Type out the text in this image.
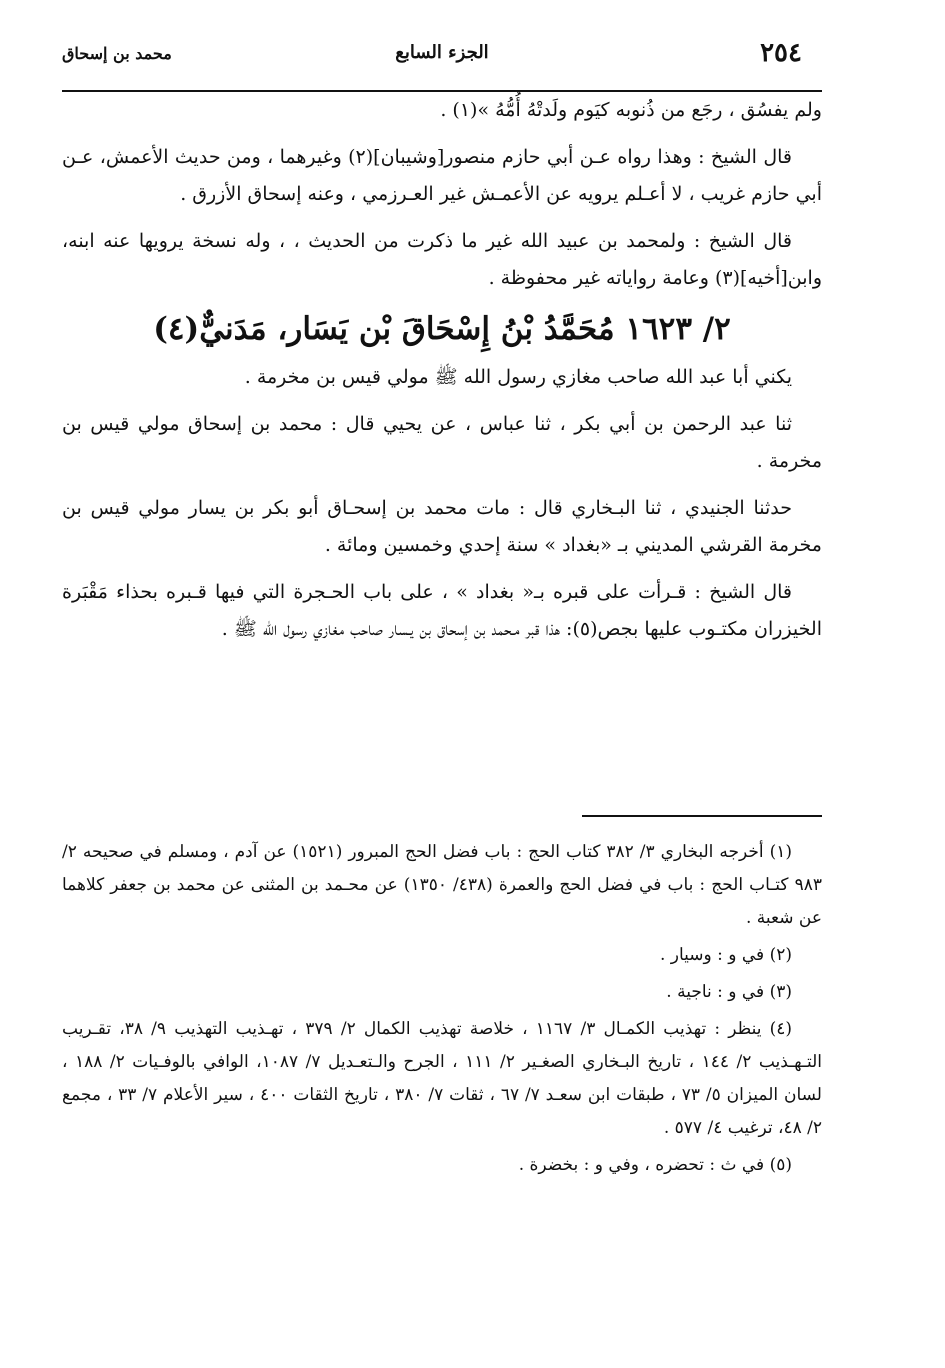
٢٥٤
الجزء السابع
محمد بن إسحاق

ولم يفسُق ، رجَع من ذُنوبه كيَوم ولَدتْهُ أُمُّهُ »(١) .

قال الشيخ : وهذا رواه عـن أبي حازم منصور[وشيبان](٢) وغيرهما ، ومن حديث الأعمش، عـن أبي حازم غريب ، لا أعـلم يرويه عن الأعمـش غير العـرزمي ، وعنه إسحاق الأزرق .

قال الشيخ : ولمحمد بن عبيد الله غير ما ذكرت من الحديث ، ، وله نسخة يرويها عنه ابنه، وابن[أخيه](٣) وعامة رواياته غير محفوظة .

٢/ ١٦٢٣ مُحَمَّدُ بْنُ إِسْحَاقَ بْن يَسَار، مَدَنيٌّ(٤)

يكني أبا عبد الله صاحب مغازي رسول الله ﷺ مولي قيس بن مخرمة .

ثنا عبد الرحمن بن أبي بكر ، ثنا عباس ، عن يحيي قال : محمد بن إسحاق مولي قيس بن مخرمة .

حدثنا الجنيدي ، ثنا البـخاري قال : مات محمد بن إسحـاق أبو بكر بن يسار مولي قيس بن مخرمة القرشي المديني بـ «بغداد » سنة إحدي وخمسين ومائة .

قال الشيخ : قـرأت على قبره بـ« بغداد » ، على باب الحـجرة التي فيها قـبره بحذاء مَقْبَرة الخيزران مكتـوب عليها بجص(٥): هذا قبر مـحمد بن إسحاق بن يـسار صاحب مغازي رسول الله ﷺ .

(١) أخرجه البخاري ٣/ ٣٨٢ كتاب الحج : باب فضل الحج المبرور (١٥٢١) عن آدم ، ومسلم في صحيحه ٢/ ٩٨٣ كتـاب الحج : باب في فضل الحج والعمرة (٤٣٨/ ١٣٥٠) عن محـمد بن المثنى عن محمد بن جعفر كلاهما عن شعبة .

(٢) في و : وسيار .

(٣) في و : ناجية .

(٤) ينظر : تهذيب الكمـال ٣/ ١١٦٧ ، خلاصة تهذيب الكمال ٢/ ٣٧٩ ، تهـذيب التهذيب ٩/ ٣٨، تقـريب التـهـذيب ٢/ ١٤٤ ، تاريخ البـخاري الصغـير ٢/ ١١١ ، الجرح والـتعـديل ٧/ ١٠٨٧، الوافي بالوفـيات ٢/ ١٨٨ ، لسان الميزان ٥/ ٧٣ ، طبقات ابن سعـد ٧/ ٦٧ ، ثقات ٧/ ٣٨٠ ، تاريخ الثقات ٤٠٠ ، سير الأعلام ٧/ ٣٣ ، مجمع ٢/ ٤٨، ترغيب ٤/ ٥٧٧ .

(٥) في ث : تحضره ، وفي و : بخضرة .
